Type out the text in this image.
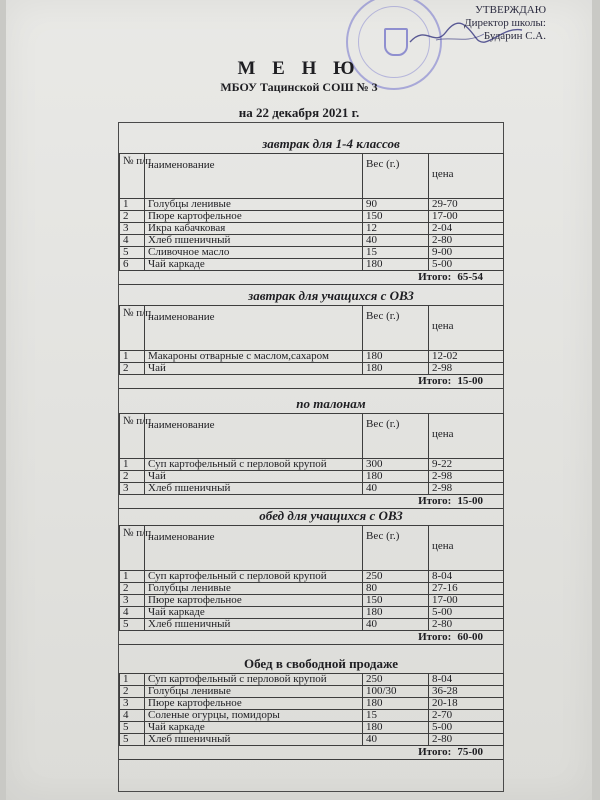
УТВЕРЖДАЮ
Директор школы:
Бударин С.А.
М Е Н Ю
МБОУ Тацинской СОШ № 3
на 22 декабря 2021 г.
завтрак для 1-4 классов
№ п/п	наименование	Вес (г.)	цена
1	Голубцы ленивые	90	29-70
2	Пюре картофельное	150	17-00
3	Икра кабачковая	12	2-04
4	Хлеб пшеничный	40	2-80
5	Сливочное масло	15	9-00
6	Чай каркаде	180	5-00
Итого: 65-54
завтрак для учащихся с ОВЗ
№ п/п	наименование	Вес (г.)	цена
1	Макароны отварные с маслом,сахаром	180	12-02
2	Чай	180	2-98
Итого: 15-00
по талонам
№ п/п	наименование	Вес (г.)	цена
1	Суп картофельный с перловой крупой	300	9-22
2	Чай	180	2-98
3	Хлеб пшеничный	40	2-98
Итого: 15-00
обед для учащихся с ОВЗ
№ п/п	наименование	Вес (г.)	цена
1	Суп картофельный с перловой крупой	250	8-04
2	Голубцы ленивые	80	27-16
3	Пюре картофельное	150	17-00
4	Чай каркаде	180	5-00
5	Хлеб пшеничный	40	2-80
Итого: 60-00
Обед в свободной продаже
1	Суп картофельный с перловой крупой	250	8-04
2	Голубцы ленивые	100/30	36-28
3	Пюре картофельное	180	20-18
4	Соленые огурцы, помидоры	15	2-70
5	Чай каркаде	180	5-00
5	Хлеб пшеничный	40	2-80
Итого: 75-00
